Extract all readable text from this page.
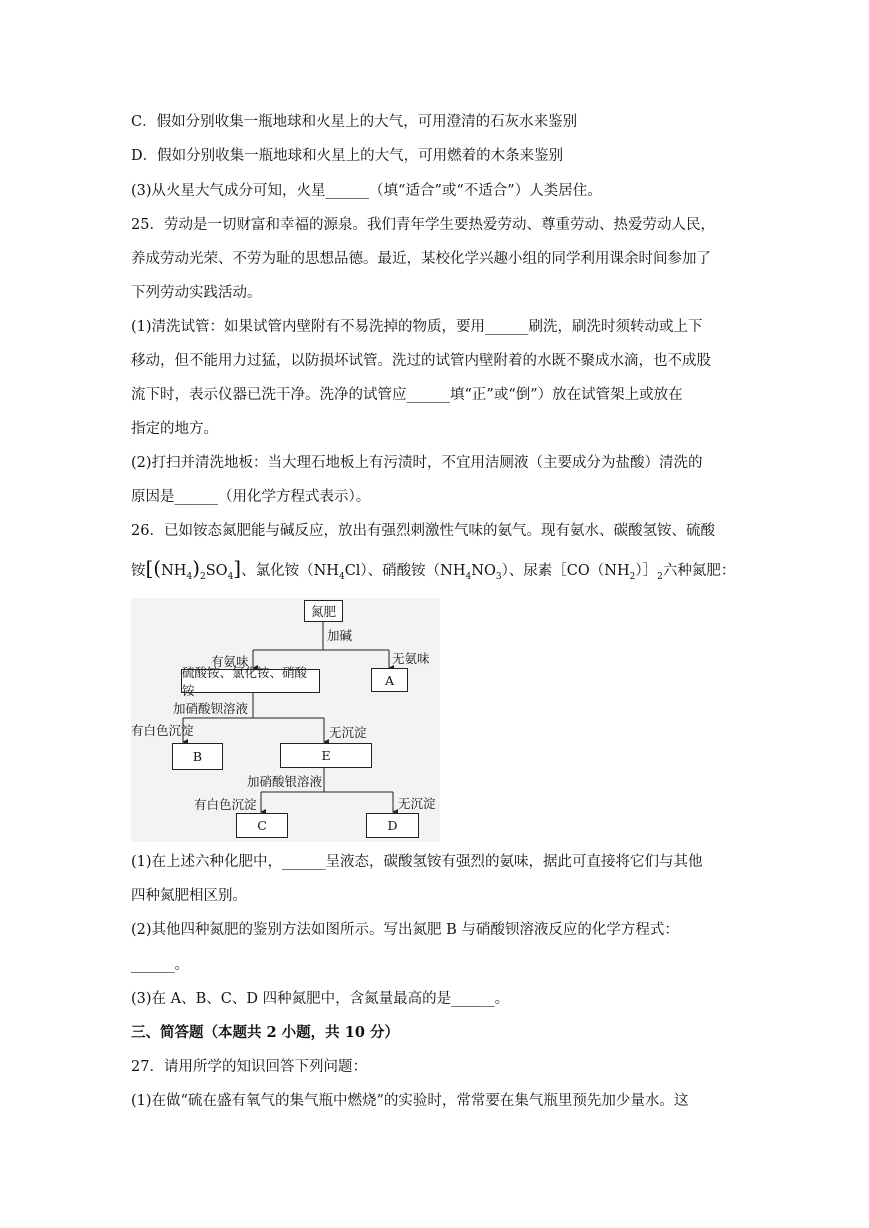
C．假如分别收集一瓶地球和火星上的大气，可用澄清的石灰水来鉴别
D．假如分别收集一瓶地球和火星上的大气，可用燃着的木条来鉴别
(3)从火星大气成分可知，火星______（填“适合”或“不适合”）人类居住。
25．劳动是一切财富和幸福的源泉。我们青年学生要热爱劳动、尊重劳动、热爱劳动人民，
养成劳动光荣、不劳为耻的思想品德。最近，某校化学兴趣小组的同学利用课余时间参加了
下列劳动实践活动。
(1)清洗试管：如果试管内壁附有不易洗掉的物质，要用______刷洗，刷洗时须转动或上下
移动，但不能用力过猛，以防损坏试管。洗过的试管内壁附着的水既不聚成水滴，也不成股
流下时，表示仪器已洗干净。洗净的试管应______填“正”或“倒”）放在试管架上或放在
指定的地方。
(2)打扫并清洗地板：当大理石地板上有污渍时，不宜用洁厕液（主要成分为盐酸）清洗的
原因是______（用化学方程式表示）。
26．已如铵态氮肥能与碱反应，放出有强烈刺激性气味的氨气。现有氨水、碳酸氢铵、硫酸
铵$[(NH_4)_2SO_4]$、氯化铵$(NH_4Cl)$、硝酸铵$(NH_4NO_3)$、尿素$[CO(NH_2)]_2$六种氮肥：
氮肥
加碱
有氨味	无氨味
硫酸铵、氯化铵、硝酸铵
A
加硝酸钡溶液
有白色沉淀	无沉淀
B	E
加硝酸银溶液
有白色沉淀	无沉淀
C	D
(1)在上述六种化肥中，______呈液态，碳酸氢铵有强烈的氨味，据此可直接将它们与其他
四种氮肥相区别。
(2)其他四种氮肥的鉴别方法如图所示。写出氮肥 B 与硝酸钡溶液反应的化学方程式：
______。
(3)在 A、B、C、D 四种氮肥中，含氮量最高的是______。
三、简答题（本题共 2 小题，共 10 分）
27．请用所学的知识回答下列问题：
(1)在做“硫在盛有氧气的集气瓶中燃烧”的实验时，常常要在集气瓶里预先加少量水。这
